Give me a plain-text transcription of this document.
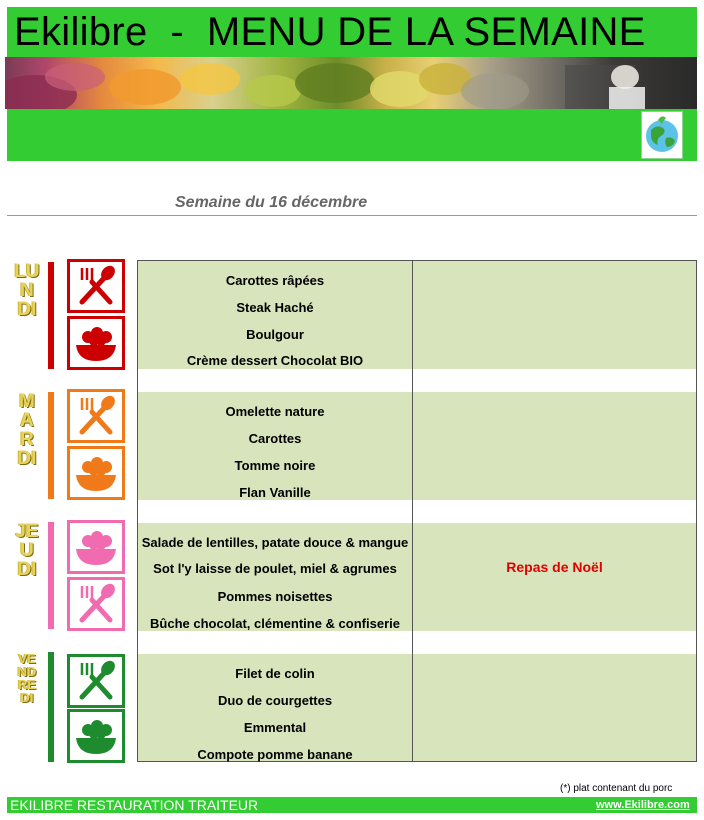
Ekilibre  -  MENU DE LA SEMAINE
Semaine du 16 décembre
LUNDI
MARDI
JEUDI
VENDREDI
Carottes râpées
Steak Haché
Boulgour
Crème dessert Chocolat BIO
Omelette nature
Carottes
Tomme noire
Flan Vanille
Salade de lentilles, patate douce & mangue
Sot l'y laisse de poulet, miel & agrumes
Pommes noisettes
Bûche chocolat, clémentine & confiserie
Repas de Noël
Filet de colin
Duo de courgettes
Emmental
Compote pomme banane
(*) plat contenant du porc
EKILIBRE RESTAURATION TRAITEUR	www.Ekilibre.com
